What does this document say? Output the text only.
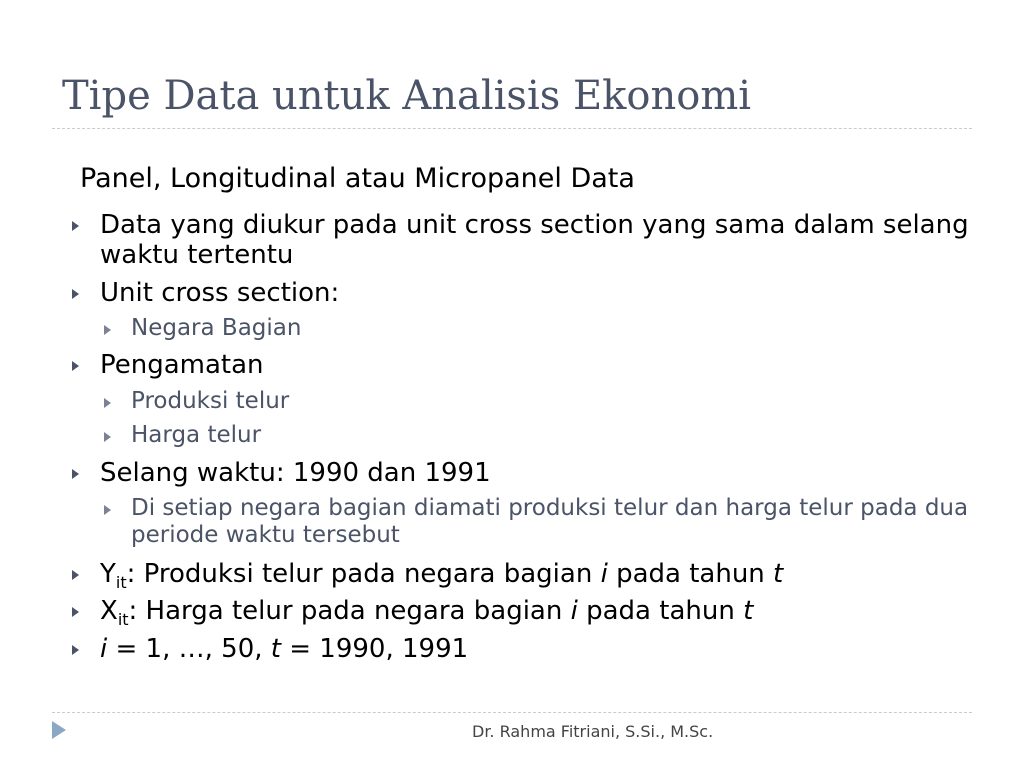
Tipe Data untuk Analisis Ekonomi
Panel, Longitudinal atau Micropanel Data
Data yang diukur pada unit cross section yang sama dalam selang
waktu tertentu
Unit cross section:
Negara Bagian
Pengamatan
Produksi telur
Harga telur
Selang waktu: 1990 dan 1991
Di setiap negara bagian diamati produksi telur dan harga telur pada dua
periode waktu tersebut
$Y_{it}$: Produksi telur pada negara bagian i pada tahun t
$X_{it}$: Harga telur pada negara bagian i pada tahun t
i = 1, …, 50, t = 1990, 1991
Dr. Rahma Fitriani, S.Si., M.Sc.
